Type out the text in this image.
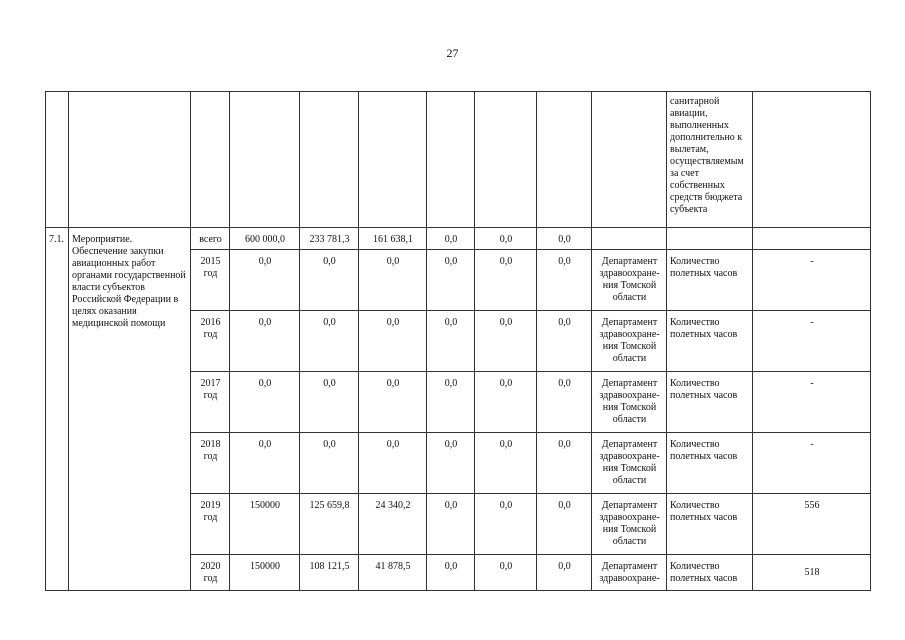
27
										санитарной авиации, выполненных дополнительно к вылетам, осуществляемым за счет собственных средств бюджета субъекта	
7.1.	Мероприятие. Обеспечение закупки авиационных работ органами государственной власти субъектов Российской Федерации в целях оказания медицинской помощи	всего	600 000,0	233 781,3	161 638,1	0,0	0,0	0,0			
		2015 год	0,0	0,0	0,0	0,0	0,0	0,0	Департамент здравоохране-ния Томской области	Количество полетных часов	-
		2016 год	0,0	0,0	0,0	0,0	0,0	0,0	Департамент здравоохране-ния Томской области	Количество полетных часов	-
		2017 год	0,0	0,0	0,0	0,0	0,0	0,0	Департамент здравоохране-ния Томской области	Количество полетных часов	-
		2018 год	0,0	0,0	0,0	0,0	0,0	0,0	Департамент здравоохране-ния Томской области	Количество полетных часов	-
		2019 год	150000	125 659,8	24 340,2	0,0	0,0	0,0	Департамент здравоохране-ния Томской области	Количество полетных часов	556
		2020 год	150000	108 121,5	41 878,5	0,0	0,0	0,0	Департамент здравоохране-	Количество полетных часов	518
